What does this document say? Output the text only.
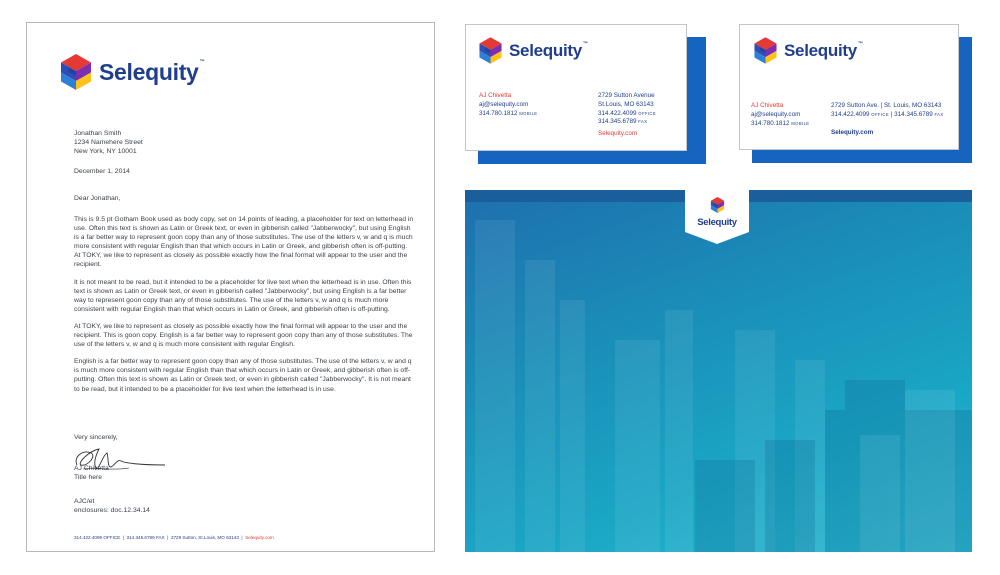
Selequity™

Jonathan Smith

1234 Namehere Street

New York, NY 10001

December 1, 2014
Dear Jonathan,

This is 9.5 pt Gotham Book used as body copy, set on 14 points of leading, a placeholder for text on letterhead in use. Often this text is shown as Latin or Greek text, or even in gibberish called "Jabberwocky", but using English is a far better way to represent goon copy than any of those substitutes. The use of the letters v, w and q is much more consistent with regular English than that which occurs in Latin or Greek, and gibberish often is off-putting. At TOKY, we like to represent as closely as possible exactly how the final format will appear to the user and the recipient.

It is not meant to be read, but it intended to be a placeholder for live text when the letterhead is in use. Often this text is shown as Latin or Greek text, or even in gibberish called "Jabberwocky", but using English is a far better way to represent goon copy than any of those substitutes. The use of the letters v, w and q is much more consistent with regular English than that which occurs in Latin or Greek, and gibberish often is off-putting.

At TOKY, we like to represent as closely as possible exactly how the final format will appear to the user and the recipient. This is goon copy. English is a far better way to represent goon copy than any of those substitutes. The use of the letters v, w and q is much more consistent with regular English.

English is a far better way to represent goon copy than any of those substitutes. The use of the letters v, w and q is much more consistent with regular English than that which occurs in Latin or Greek, and gibberish often is off-putting. Often this text is shown as Latin or Greek text, or even in gibberish called "Jabberwocky". It is not meant to be read, but it intended to be a placeholder for live text when the letterhead is in use.

Very sincerely,

AJ Chivetta

Title here

AJC/et

enclosures: doc.12.34.14

314.422.4099 OFFICE  |  314.345.6789 FAX  |  2729 Sutton, St.Louis, MO 63143  |  Selequity.com
Selequity™
AJ Chivetta
aj@selequity.com
314.780.1812 MOBILE
2729 Sutton Avenue
St.Louis, MO 63143
314.422.4099 OFFICE
314.345.6789 FAX
Selequity.com
Selequity™
AJ Chivetta
aj@selequity.com
314.780.1812 MOBILE
2729 Sutton Ave. | St. Louis, MO 63143
314.422.4099 OFFICE | 314.345.6789 FAX
Selequity.com
Selequity
